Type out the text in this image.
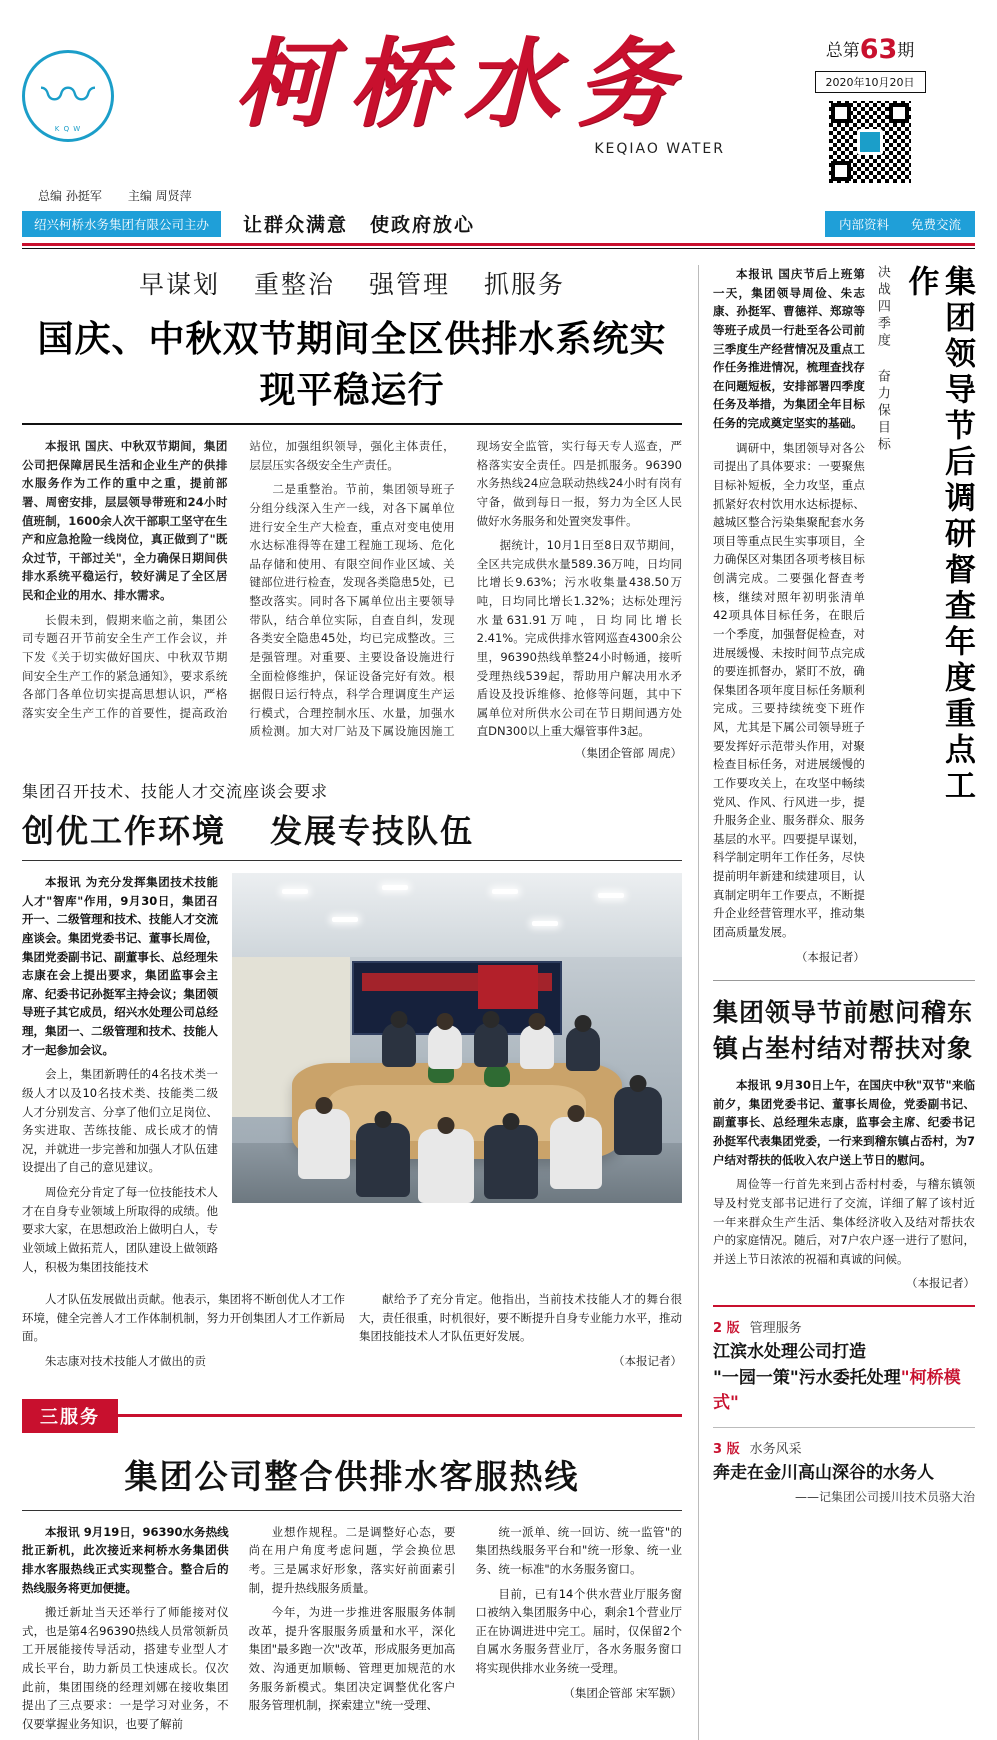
〰
K Q W	柯桥水务
KEQIAO WATER
总第63期
2020年10月20日
总编 孙挺军 主编 周贤萍
绍兴柯桥水务集团有限公司主办	让群众满意 使政府放心	内部资料 免费交流
早谋划 重整治 强管理 抓服务
国庆、中秋双节期间全区供排水系统实现平稳运行

本报讯 国庆、中秋双节期间，集团公司把保障居民生活和企业生产的供排水服务作为工作的重中之重，提前部署、周密安排，层层领导带班和24小时值班制，1600余人次干部职工坚守在生产和应急抢险一线岗位，真正做到了"既众过节，干部过关"，全力确保日期间供排水系统平稳运行，较好满足了全区居民和企业的用水、排水需求。

长假未到，假期来临之前，集团公司专题召开节前安全生产工作会议，并下发《关于切实做好国庆、中秋双节期间安全生产工作的紧急通知》，要求系统各部门各单位切实提高思想认识，严格落实安全生产工作的首要性，提高政治站位，加强组织领导，强化主体责任，层层压实各级安全生产责任。

二是重整治。节前，集团领导班子分组分线深入生产一线，对各下属单位进行安全生产大检查，重点对变电使用水达标准得等在建工程施工现场、危化品存储和使用、有限空间作业区域、关键部位进行检查，发现各类隐患5处，已整改落实。同时各下属单位出主要领导带队，结合单位实际，自查自纠，发现各类安全隐患45处，均已完成整改。三是强管理。对重要、主要设备设施进行全面检修维护，保证设备完好有效。根据假日运行特点，科学合理调度生产运行模式，合理控制水压、水量，加强水质检测。加大对厂站及下属设施因施工现场安全监管，实行每天专人巡查，严格落实安全责任。四是抓服务。96390水务热线24应急联动热线24小时有岗有守备，做到每日一报，努力为全区人民做好水务服务和处置突发事件。

据统计，10月1日至8日双节期间，全区共完成供水量589.36万吨，日均同比增长9.63%；污水收集量438.50万吨，日均同比增长1.32%；达标处理污水量631.91万吨，日均同比增长2.41%。完成供排水管网巡查4300余公里，96390热线单整24小时畅通，接听受理热线539起，帮助用户解决用水矛盾设及投诉维修、抢修等问题，其中下属单位对所供水公司在节日期间遇方处直DN300以上重大爆管事件3起。

（集团企管部 周虎）
集团召开技术、技能人才交流座谈会要求
创优工作环境 发展专技队伍

本报讯 为充分发挥集团技术技能人才"智库"作用，9月30日，集团召开一、二级管理和技术、技能人才交流座谈会。集团党委书记、董事长周俭，集团党委副书记、副董事长、总经理朱志康在会上提出要求，集团监事会主席、纪委书记孙挺军主持会议；集团领导班子其它成员，绍兴水处理公司总经理，集团一、二级管理和技术、技能人才一起参加会议。

会上，集团新聘任的4名技术类一级人才以及10名技术类、技能类二级人才分别发言、分享了他们立足岗位、务实进取、苦练技能、成长成才的情况，并就进一步完善和加强人才队伍建设提出了自己的意见建议。

周俭充分肯定了每一位技能技术人才在自身专业领域上所取得的成绩。他要求大家，在思想政治上做明白人，专业领域上做拓荒人，团队建设上做领路人，积极为集团技能技术

人才队伍发展做出贡献。他表示，集团将不断创优人才工作环境，健全完善人才工作体制机制，努力开创集团人才工作新局面。

朱志康对技术技能人才做出的贡

献给予了充分肯定。他指出，当前技术技能人才的舞台很大，责任很重，时机很好，要不断提升自身专业能力水平，推动集团技能技术人才队伍更好发展。

（本报记者）
三服务
集团公司整合供排水客服热线

本报讯 9月19日，96390水务热线批正新机，此次接近来柯桥水务集团供排水客服热线正式实现整合。整合后的热线服务将更加便捷。

搬迁新址当天还举行了师能接对仪式，也是第4名96390热线人员常领新员工开展能接传导活动，搭建专业型人才成长平台，助力新员工快速成长。仅次此前，集团围绕的经理刘娜在接收集团提出了三点要求：一是学习对业务，不仅要掌握业务知识，也要了解前

业想作规程。二是调整好心态，要尚在用户角度考虑问题，学会换位思考。三是属求好形象，落实好前面素引制，提升热线服务质量。

今年，为进一步推进客服服务体制改革，提升客服服务质量和水平，深化集团"最多跑一次"改革，形成服务更加高效、沟通更加顺畅、管理更加规范的水务服务新模式。集团决定调整优化客户服务管理机制，探索建立"统一受理、

统一派单、统一回访、统一监管"的集团热线服务平台和"统一形象、统一业务、统一标准"的水务服务窗口。

目前，已有14个供水营业厅服务窗口被纳入集团服务中心，剩余1个营业厅正在协调进进中完工。届时，仅保留2个自属水务服务营业厅，各水务服务窗口将实现供排水业务统一受理。

（集团企管部 宋军颢）
集团领导节后调研督查年度重点工作
决战四季度 奋力保目标

本报讯 国庆节后上班第一天，集团领导周俭、朱志康、孙挺军、曹德祥、郑琼等等班子成员一行赴至各公司前三季度生产经营情况及重点工作任务推进情况，梳理查找存在问题短板，安排部署四季度任务及举措，为集团全年目标任务的完成奠定坚实的基础。

调研中，集团领导对各公司提出了具体要求：一要聚焦目标补短板，全力攻坚，重点抓紧好农村饮用水达标提标、越城区整合污染集聚配套水务项目等重点民生实事项目，全力确保区对集团各项考核目标创满完成。二要强化督查考核，继续对照年初明张清单42项具体目标任务，在眼后一个季度，加强督促检查，对进展缓慢、未按时间节点完成的要连抓督办，紧盯不放，确保集团各项年度目标任务顺利完成。三要持续统变下班作风，尤其是下属公司领导班子要发挥好示范带头作用，对聚检查目标任务，对进展缓慢的工作要攻关上，在攻坚中畅续党风、作风、行风进一步，提升服务企业、服务群众、服务基层的水平。四要提早谋划，科学制定明年工作任务，尽快提前明年新建和续建项目，认真制定明年工作要点，不断提升企业经营管理水平，推动集团高质量发展。

（本报记者）
集团领导节前慰问稽东镇占峚村结对帮扶对象

本报讯 9月30日上午，在国庆中秋"双节"来临前夕，集团党委书记、董事长周俭，党委副书记、副董事长、总经理朱志康，监事会主席、纪委书记孙挺军代表集团党委，一行来到稽东镇占岙村，为7户结对帮扶的低收入农户送上节日的慰问。

周俭等一行首先来到占岙村村委，与稽东镇领导及村党支部书记进行了交流，详细了解了该村近一年来群众生产生活、集体经济收入及结对帮扶农户的家庭情况。随后，对7户农户逐一进行了慰问，并送上节日浓浓的祝福和真诚的问候。

（本报记者）
2 版 管理服务
江滨水处理公司打造
"一园一策"污水委托处理"柯桥模式"
3 版 水务风采
奔走在金川高山深谷的水务人
——记集团公司援川技术员骆大治
